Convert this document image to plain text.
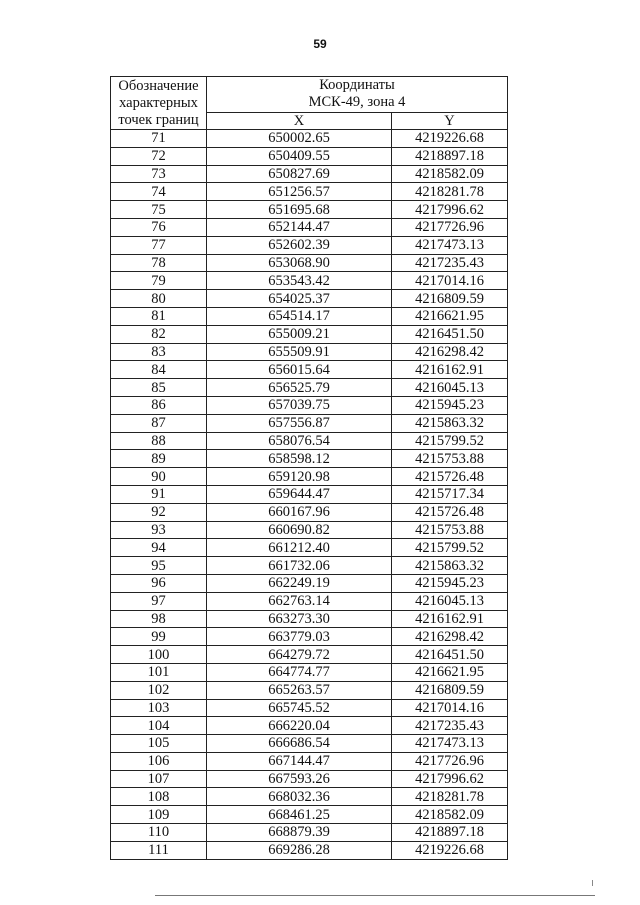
59
Обозначение
характерных
точек границ	Координаты
МСК-49, зона 4	

	X	Y
71	650002.65	4219226.68
72	650409.55	4218897.18
73	650827.69	4218582.09
74	651256.57	4218281.78
75	651695.68	4217996.62
76	652144.47	4217726.96
77	652602.39	4217473.13
78	653068.90	4217235.43
79	653543.42	4217014.16
80	654025.37	4216809.59
81	654514.17	4216621.95
82	655009.21	4216451.50
83	655509.91	4216298.42
84	656015.64	4216162.91
85	656525.79	4216045.13
86	657039.75	4215945.23
87	657556.87	4215863.32
88	658076.54	4215799.52
89	658598.12	4215753.88
90	659120.98	4215726.48
91	659644.47	4215717.34
92	660167.96	4215726.48
93	660690.82	4215753.88
94	661212.40	4215799.52
95	661732.06	4215863.32
96	662249.19	4215945.23
97	662763.14	4216045.13
98	663273.30	4216162.91
99	663779.03	4216298.42
100	664279.72	4216451.50
101	664774.77	4216621.95
102	665263.57	4216809.59
103	665745.52	4217014.16
104	666220.04	4217235.43
105	666686.54	4217473.13
106	667144.47	4217726.96
107	667593.26	4217996.62
108	668032.36	4218281.78
109	668461.25	4218582.09
110	668879.39	4218897.18
111	669286.28	4219226.68
